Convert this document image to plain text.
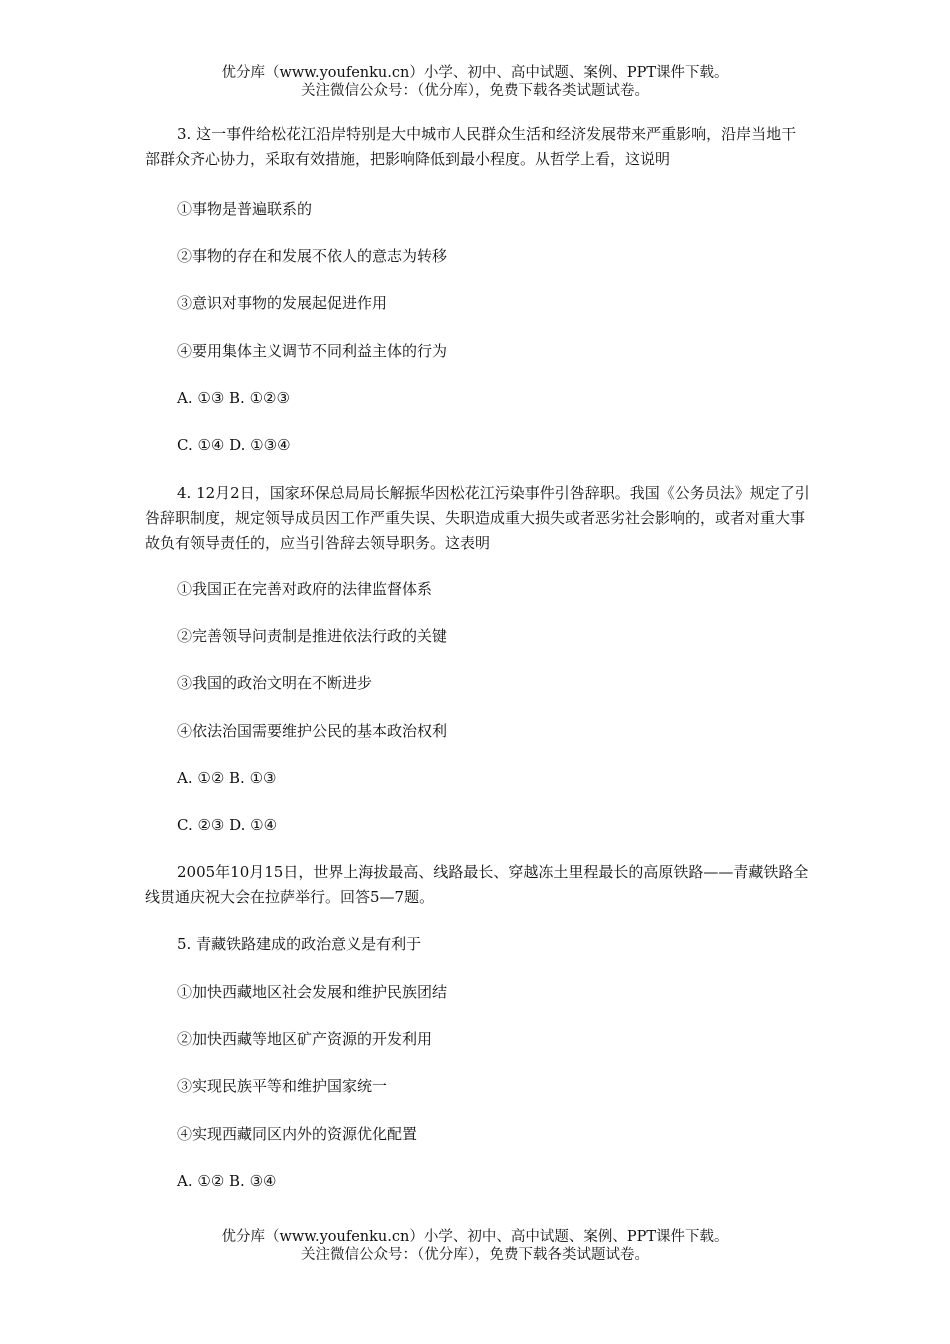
优分库（www.youfenku.cn）小学、初中、高中试题、案例、PPT课件下载。
关注微信公众号：（优分库），免费下载各类试题试卷。
3. 这一事件给松花江沿岸特别是大中城市人民群众生活和经济发展带来严重影响，沿岸当地干部群众齐心协力，采取有效措施，把影响降低到最小程度。从哲学上看，这说明
①事物是普遍联系的
②事物的存在和发展不依人的意志为转移
③意识对事物的发展起促进作用
④要用集体主义调节不同利益主体的行为
A. ①③ B. ①②③
C. ①④ D. ①③④
4. 12月2日，国家环保总局局长解振华因松花江污染事件引咎辞职。我国《公务员法》规定了引咎辞职制度，规定领导成员因工作严重失误、失职造成重大损失或者恶劣社会影响的，或者对重大事故负有领导责任的，应当引咎辞去领导职务。这表明
①我国正在完善对政府的法律监督体系
②完善领导问责制是推进依法行政的关键
③我国的政治文明在不断进步
④依法治国需要维护公民的基本政治权利
A. ①② B. ①③
C. ②③ D. ①④
2005年10月15日，世界上海拔最高、线路最长、穿越冻土里程最长的高原铁路——青藏铁路全线贯通庆祝大会在拉萨举行。回答5—7题。
5. 青藏铁路建成的政治意义是有利于
①加快西藏地区社会发展和维护民族团结
②加快西藏等地区矿产资源的开发利用
③实现民族平等和维护国家统一
④实现西藏同区内外的资源优化配置
A. ①② B. ③④
优分库（www.youfenku.cn）小学、初中、高中试题、案例、PPT课件下载。
关注微信公众号：（优分库），免费下载各类试题试卷。
